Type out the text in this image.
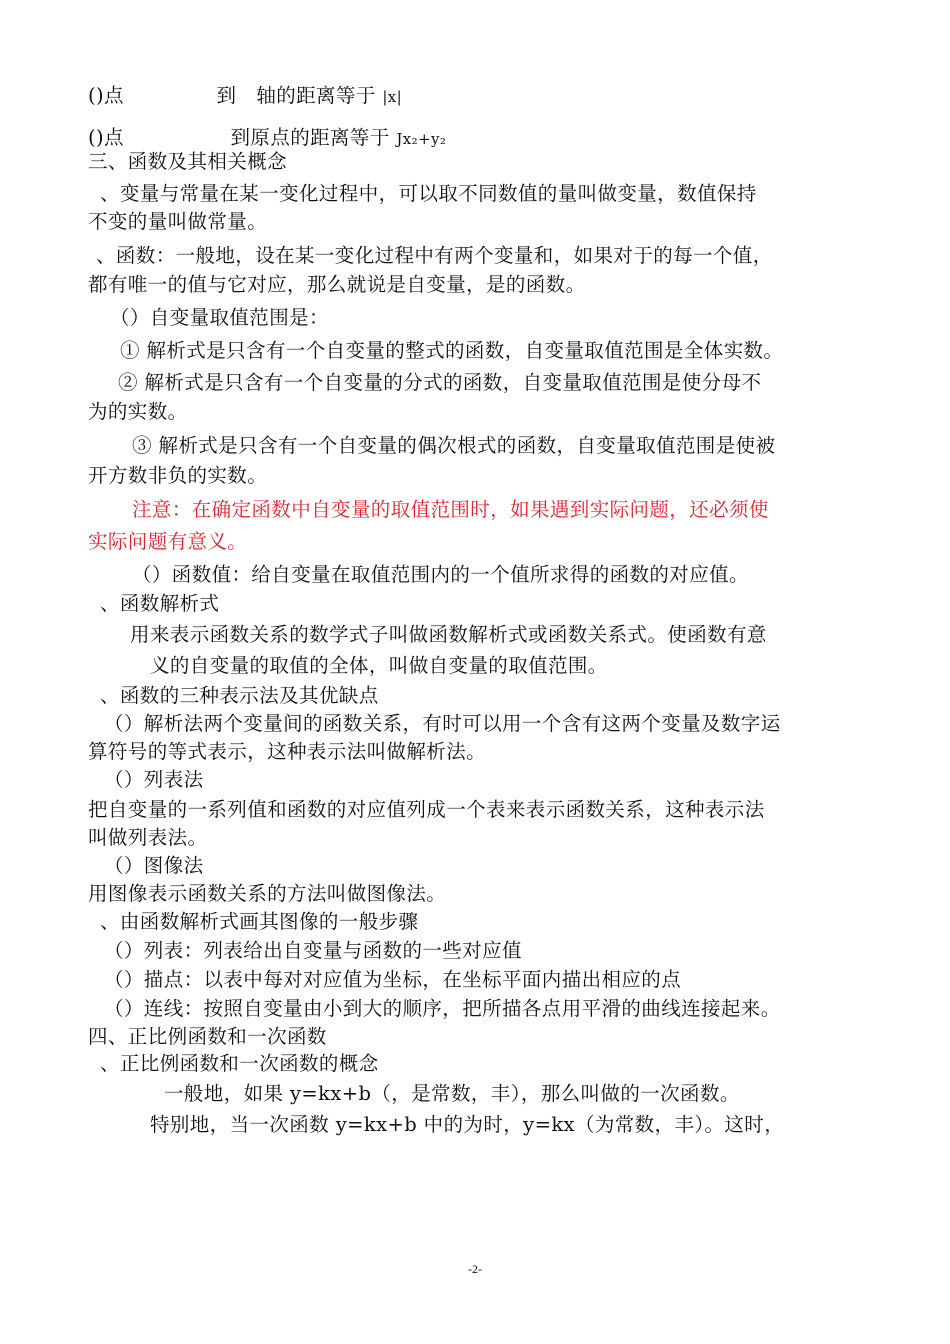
()点	到　轴的距离等于 |x|
()点	到原点的距离等于 Jx₂+y₂
三、函数及其相关概念
、变量与常量在某一变化过程中，可以取不同数值的量叫做变量，数值保持
不变的量叫做常量。
、函数：一般地，设在某一变化过程中有两个变量和，如果对于的每一个值，
都有唯一的值与它对应，那么就说是自变量，是的函数。
（）自变量取值范围是：
① 解析式是只含有一个自变量的整式的函数，自变量取值范围是全体实数。
② 解析式是只含有一个自变量的分式的函数，自变量取值范围是使分母不
为的实数。
③ 解析式是只含有一个自变量的偶次根式的函数，自变量取值范围是使被
开方数非负的实数。
注意：在确定函数中自变量的取值范围时，如果遇到实际问题，还必须使
实际问题有意义。
（）函数值：给自变量在取值范围内的一个值所求得的函数的对应值。
、函数解析式
用来表示函数关系的数学式子叫做函数解析式或函数关系式。使函数有意
义的自变量的取值的全体，叫做自变量的取值范围。
、函数的三种表示法及其优缺点
（）解析法两个变量间的函数关系，有时可以用一个含有这两个变量及数字运
算符号的等式表示，这种表示法叫做解析法。
（）列表法
把自变量的一系列值和函数的对应值列成一个表来表示函数关系，这种表示法
叫做列表法。
（）图像法
用图像表示函数关系的方法叫做图像法。
、由函数解析式画其图像的一般步骤
（）列表：列表给出自变量与函数的一些对应值
（）描点：以表中每对对应值为坐标，在坐标平面内描出相应的点
（）连线：按照自变量由小到大的顺序，把所描各点用平滑的曲线连接起来。
四、正比例函数和一次函数
、正比例函数和一次函数的概念
一般地，如果 y=kx+b（，是常数，丰），那么叫做的一次函数。
特别地，当一次函数 y=kx+b 中的为时，y=kx（为常数，丰）。这时，
-2-
